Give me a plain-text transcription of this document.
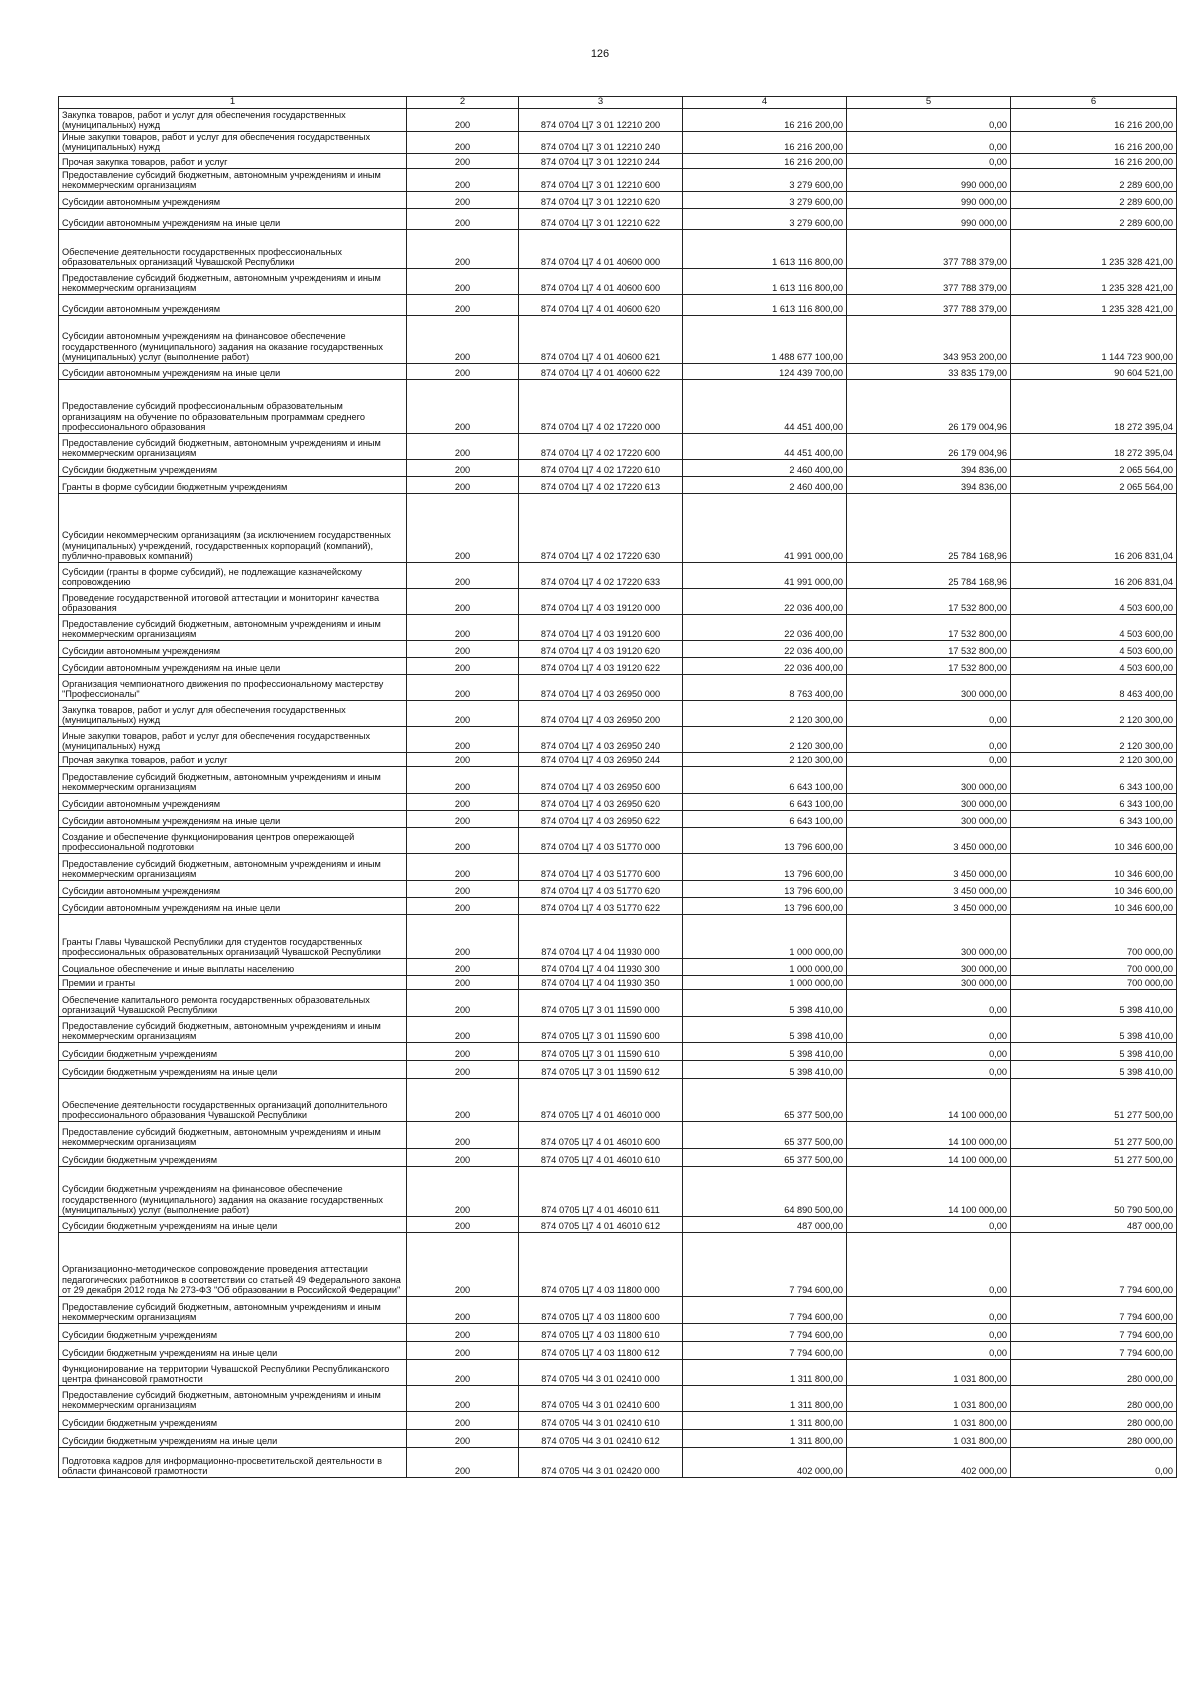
126
1	2	3	4	5	6
Закупка товаров, работ и услуг для обеспечения государственных (муниципальных) нужд	200	874 0704 Ц7 3 01 12210 200	16 216 200,00	0,00	16 216 200,00
Иные закупки товаров, работ и услуг для обеспечения государственных (муниципальных) нужд	200	874 0704 Ц7 3 01 12210 240	16 216 200,00	0,00	16 216 200,00
Прочая закупка товаров, работ и услуг	200	874 0704 Ц7 3 01 12210 244	16 216 200,00	0,00	16 216 200,00
Предоставление субсидий бюджетным, автономным учреждениям и иным некоммерческим организациям	200	874 0704 Ц7 3 01 12210 600	3 279 600,00	990 000,00	2 289 600,00
Субсидии автономным учреждениям	200	874 0704 Ц7 3 01 12210 620	3 279 600,00	990 000,00	2 289 600,00
Субсидии автономным учреждениям на иные цели	200	874 0704 Ц7 3 01 12210 622	3 279 600,00	990 000,00	2 289 600,00
Обеспечение деятельности государственных профессиональных образовательных организаций Чувашской Республики	200	874 0704 Ц7 4 01 40600 000	1 613 116 800,00	377 788 379,00	1 235 328 421,00
Предоставление субсидий бюджетным, автономным учреждениям и иным некоммерческим организациям	200	874 0704 Ц7 4 01 40600 600	1 613 116 800,00	377 788 379,00	1 235 328 421,00
Субсидии автономным учреждениям	200	874 0704 Ц7 4 01 40600 620	1 613 116 800,00	377 788 379,00	1 235 328 421,00
Субсидии автономным учреждениям на финансовое обеспечение государственного (муниципального) задания на оказание государственных (муниципальных) услуг (выполнение работ)	200	874 0704 Ц7 4 01 40600 621	1 488 677 100,00	343 953 200,00	1 144 723 900,00
Субсидии автономным учреждениям на иные цели	200	874 0704 Ц7 4 01 40600 622	124 439 700,00	33 835 179,00	90 604 521,00
Предоставление субсидий профессиональным образовательным организациям на обучение по образовательным программам среднего профессионального образования	200	874 0704 Ц7 4 02 17220 000	44 451 400,00	26 179 004,96	18 272 395,04
Предоставление субсидий бюджетным, автономным учреждениям и иным некоммерческим организациям	200	874 0704 Ц7 4 02 17220 600	44 451 400,00	26 179 004,96	18 272 395,04
Субсидии бюджетным учреждениям	200	874 0704 Ц7 4 02 17220 610	2 460 400,00	394 836,00	2 065 564,00
Гранты в форме субсидии бюджетным учреждениям	200	874 0704 Ц7 4 02 17220 613	2 460 400,00	394 836,00	2 065 564,00
Субсидии некоммерческим организациям (за исключением государственных (муниципальных) учреждений, государственных корпораций (компаний), публично-правовых компаний)	200	874 0704 Ц7 4 02 17220 630	41 991 000,00	25 784 168,96	16 206 831,04
Субсидии (гранты в форме субсидий), не подлежащие казначейскому сопровождению	200	874 0704 Ц7 4 02 17220 633	41 991 000,00	25 784 168,96	16 206 831,04
Проведение государственной итоговой аттестации и мониторинг качества образования	200	874 0704 Ц7 4 03 19120 000	22 036 400,00	17 532 800,00	4 503 600,00
Предоставление субсидий бюджетным, автономным учреждениям и иным некоммерческим организациям	200	874 0704 Ц7 4 03 19120 600	22 036 400,00	17 532 800,00	4 503 600,00
Субсидии автономным учреждениям	200	874 0704 Ц7 4 03 19120 620	22 036 400,00	17 532 800,00	4 503 600,00
Субсидии автономным учреждениям на иные цели	200	874 0704 Ц7 4 03 19120 622	22 036 400,00	17 532 800,00	4 503 600,00
Организация чемпионатного движения по профессиональному мастерству "Профессионалы"	200	874 0704 Ц7 4 03 26950 000	8 763 400,00	300 000,00	8 463 400,00
Закупка товаров, работ и услуг для обеспечения государственных (муниципальных) нужд	200	874 0704 Ц7 4 03 26950 200	2 120 300,00	0,00	2 120 300,00
Иные закупки товаров, работ и услуг для обеспечения государственных (муниципальных) нужд	200	874 0704 Ц7 4 03 26950 240	2 120 300,00	0,00	2 120 300,00
Прочая закупка товаров, работ и услуг	200	874 0704 Ц7 4 03 26950 244	2 120 300,00	0,00	2 120 300,00
Предоставление субсидий бюджетным, автономным учреждениям и иным некоммерческим организациям	200	874 0704 Ц7 4 03 26950 600	6 643 100,00	300 000,00	6 343 100,00
Субсидии автономным учреждениям	200	874 0704 Ц7 4 03 26950 620	6 643 100,00	300 000,00	6 343 100,00
Субсидии автономным учреждениям на иные цели	200	874 0704 Ц7 4 03 26950 622	6 643 100,00	300 000,00	6 343 100,00
Создание и обеспечение функционирования центров опережающей профессиональной подготовки	200	874 0704 Ц7 4 03 51770 000	13 796 600,00	3 450 000,00	10 346 600,00
Предоставление субсидий бюджетным, автономным учреждениям и иным некоммерческим организациям	200	874 0704 Ц7 4 03 51770 600	13 796 600,00	3 450 000,00	10 346 600,00
Субсидии автономным учреждениям	200	874 0704 Ц7 4 03 51770 620	13 796 600,00	3 450 000,00	10 346 600,00
Субсидии автономным учреждениям на иные цели	200	874 0704 Ц7 4 03 51770 622	13 796 600,00	3 450 000,00	10 346 600,00
Гранты Главы Чувашской Республики для студентов государственных профессиональных образовательных организаций Чувашской Республики	200	874 0704 Ц7 4 04 11930 000	1 000 000,00	300 000,00	700 000,00
Социальное обеспечение и иные выплаты населению	200	874 0704 Ц7 4 04 11930 300	1 000 000,00	300 000,00	700 000,00
Премии и гранты	200	874 0704 Ц7 4 04 11930 350	1 000 000,00	300 000,00	700 000,00
Обеспечение капитального ремонта государственных образовательных организаций Чувашской Республики	200	874 0705 Ц7 3 01 11590 000	5 398 410,00	0,00	5 398 410,00
Предоставление субсидий бюджетным, автономным учреждениям и иным некоммерческим организациям	200	874 0705 Ц7 3 01 11590 600	5 398 410,00	0,00	5 398 410,00
Субсидии бюджетным учреждениям	200	874 0705 Ц7 3 01 11590 610	5 398 410,00	0,00	5 398 410,00
Субсидии бюджетным учреждениям на иные цели	200	874 0705 Ц7 3 01 11590 612	5 398 410,00	0,00	5 398 410,00
Обеспечение деятельности государственных организаций дополнительного профессионального образования Чувашской Республики	200	874 0705 Ц7 4 01 46010 000	65 377 500,00	14 100 000,00	51 277 500,00
Предоставление субсидий бюджетным, автономным учреждениям и иным некоммерческим организациям	200	874 0705 Ц7 4 01 46010 600	65 377 500,00	14 100 000,00	51 277 500,00
Субсидии бюджетным учреждениям	200	874 0705 Ц7 4 01 46010 610	65 377 500,00	14 100 000,00	51 277 500,00
Субсидии бюджетным учреждениям на финансовое обеспечение государственного (муниципального) задания на оказание государственных (муниципальных) услуг (выполнение работ)	200	874 0705 Ц7 4 01 46010 611	64 890 500,00	14 100 000,00	50 790 500,00
Субсидии бюджетным учреждениям на иные цели	200	874 0705 Ц7 4 01 46010 612	487 000,00	0,00	487 000,00
Организационно-методическое сопровождение проведения аттестации педагогических работников в соответствии со статьей 49 Федерального закона от 29 декабря 2012 года № 273-ФЗ "Об образовании в Российской Федерации"	200	874 0705 Ц7 4 03 11800 000	7 794 600,00	0,00	7 794 600,00
Предоставление субсидий бюджетным, автономным учреждениям и иным некоммерческим организациям	200	874 0705 Ц7 4 03 11800 600	7 794 600,00	0,00	7 794 600,00
Субсидии бюджетным учреждениям	200	874 0705 Ц7 4 03 11800 610	7 794 600,00	0,00	7 794 600,00
Субсидии бюджетным учреждениям на иные цели	200	874 0705 Ц7 4 03 11800 612	7 794 600,00	0,00	7 794 600,00
Функционирование на территории Чувашской Республики Республиканского центра финансовой грамотности	200	874 0705 Ч4 3 01 02410 000	1 311 800,00	1 031 800,00	280 000,00
Предоставление субсидий бюджетным, автономным учреждениям и иным некоммерческим организациям	200	874 0705 Ч4 3 01 02410 600	1 311 800,00	1 031 800,00	280 000,00
Субсидии бюджетным учреждениям	200	874 0705 Ч4 3 01 02410 610	1 311 800,00	1 031 800,00	280 000,00
Субсидии бюджетным учреждениям на иные цели	200	874 0705 Ч4 3 01 02410 612	1 311 800,00	1 031 800,00	280 000,00
Подготовка кадров для информационно-просветительской деятельности в области финансовой грамотности	200	874 0705 Ч4 3 01 02420 000	402 000,00	402 000,00	0,00
